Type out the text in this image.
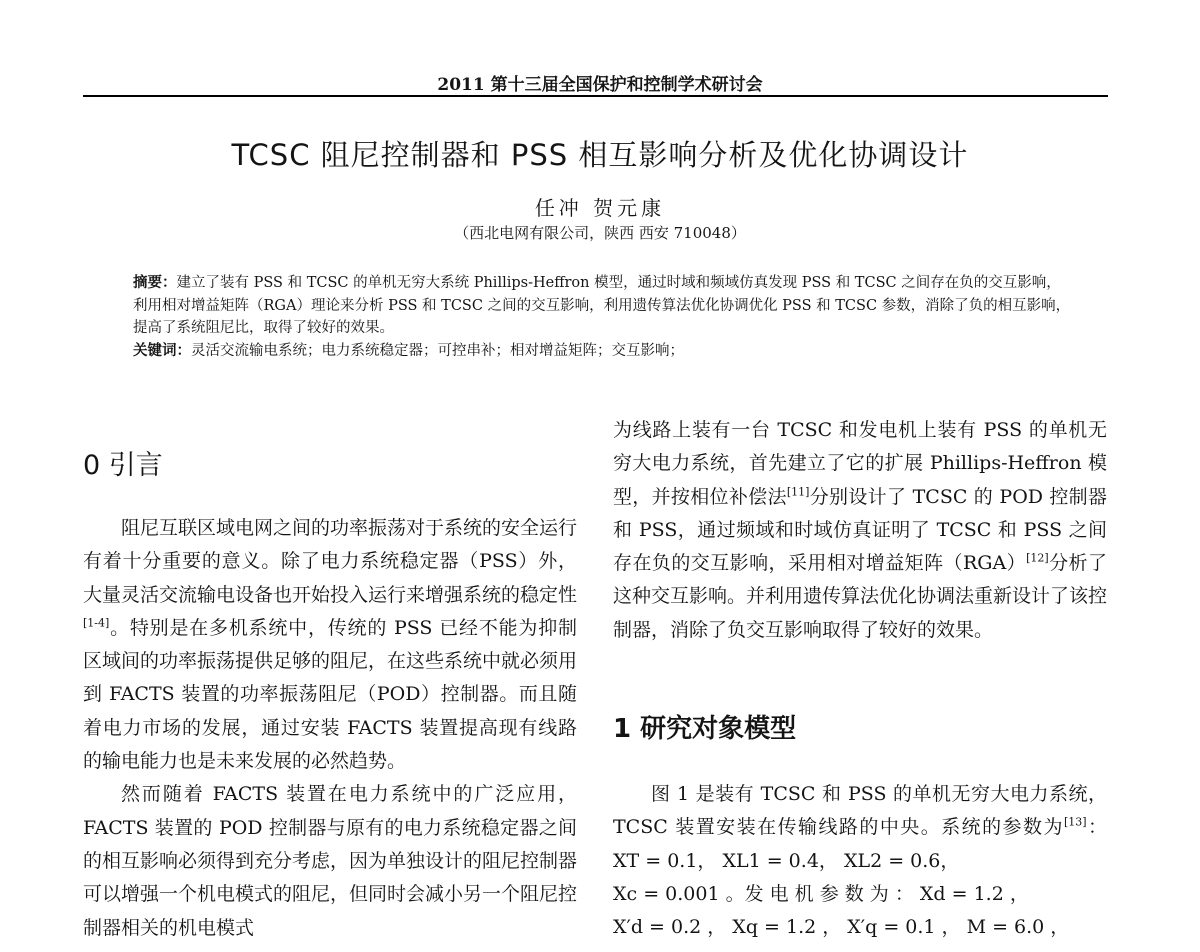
2011 第十三届全国保护和控制学术研讨会
TCSC 阻尼控制器和 PSS 相互影响分析及优化协调设计
任冲 贺元康
（西北电网有限公司，陕西 西安 710048）
摘要：建立了装有 PSS 和 TCSC 的单机无穷大系统 Phillips-Heffron 模型，通过时域和频域仿真发现 PSS 和 TCSC 之间存在负的交互影响，利用相对增益矩阵（RGA）理论来分析 PSS 和 TCSC 之间的交互影响，利用遗传算法优化协调优化 PSS 和 TCSC 参数，消除了负的相互影响，提高了系统阻尼比，取得了较好的效果。
关键词：灵活交流输电系统；电力系统稳定器；可控串补；相对增益矩阵；交互影响；
0 引言

阻尼互联区域电网之间的功率振荡对于系统的安全运行有着十分重要的意义。除了电力系统稳定器（PSS）外，大量灵活交流输电设备也开始投入运行来增强系统的稳定性[1-4]。特别是在多机系统中，传统的 PSS 已经不能为抑制区域间的功率振荡提供足够的阻尼，在这些系统中就必须用到 FACTS 装置的功率振荡阻尼（POD）控制器。而且随着电力市场的发展，通过安装 FACTS 装置提高现有线路的输电能力也是未来发展的必然趋势。

然而随着 FACTS 装置在电力系统中的广泛应用，FACTS 装置的 POD 控制器与原有的电力系统稳定器之间的相互影响必须得到充分考虑，因为单独设计的阻尼控制器可以增强一个机电模式的阻尼，但同时会减小另一个阻尼控制器相关的机电模式

为线路上装有一台 TCSC 和发电机上装有 PSS 的单机无穷大电力系统，首先建立了它的扩展 Phillips-Heffron 模型，并按相位补偿法[11]分别设计了 TCSC 的 POD 控制器和 PSS，通过频域和时域仿真证明了 TCSC 和 PSS 之间存在负的交互影响，采用相对增益矩阵（RGA）[12]分析了这种交互影响。并利用遗传算法优化协调法重新设计了该控制器，消除了负交互影响取得了较好的效果。

1 研究对象模型

图 1 是装有 TCSC 和 PSS 的单机无穷大电力系统，TCSC 装置安装在传输线路的中央。系统的参数为[13]： XT = 0.1， XL1 = 0.4， XL2 = 0.6，

Xc = 0.001 。发 电 机 参 数 为 ： Xd = 1.2 ，

X′d = 0.2 ， Xq = 1.2 ， X′q = 0.1 ， M = 6.0 ，
